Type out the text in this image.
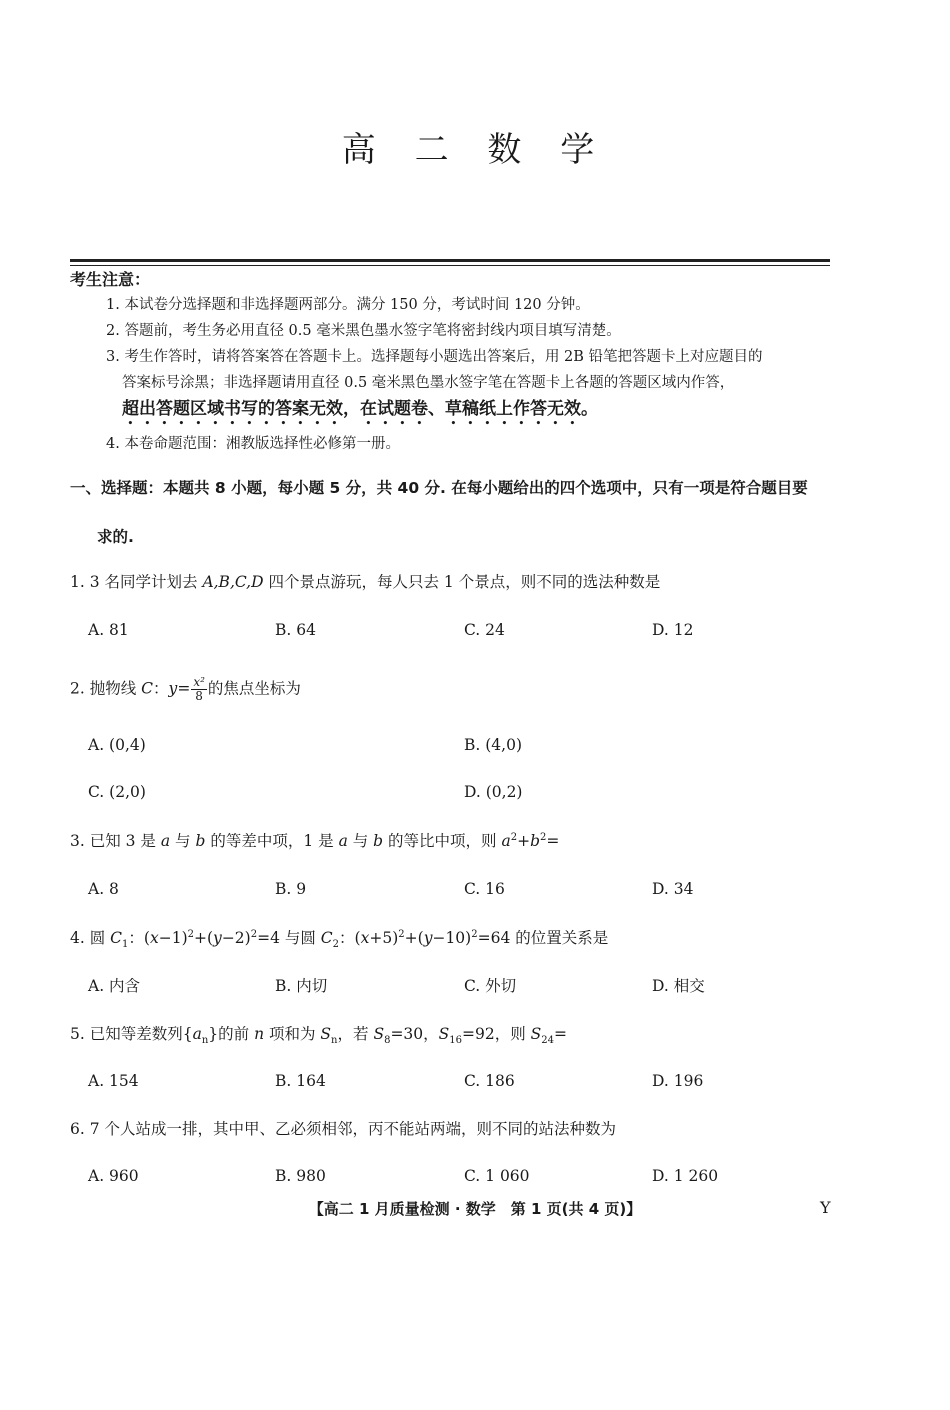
高 二 数 学
考生注意：
1. 本试卷分选择题和非选择题两部分。满分 150 分，考试时间 120 分钟。
2. 答题前，考生务必用直径 0.5 毫米黑色墨水签字笔将密封线内项目填写清楚。
3. 考生作答时，请将答案答在答题卡上。选择题每小题选出答案后，用 2B 铅笔把答题卡上对应题目的
答案标号涂黑；非选择题请用直径 0.5 毫米黑色墨水签字笔在答题卡上各题的答题区域内作答，
超出答题区域书写的答案无效，在试题卷、草稿纸上作答无效。
4. 本卷命题范围：湘教版选择性必修第一册。
一、选择题：本题共 8 小题，每小题 5 分，共 40 分. 在每小题给出的四个选项中，只有一项是符合题目要
求的.
1. 3 名同学计划去 A,B,C,D 四个景点游玩，每人只去 1 个景点，则不同的选法种数是
A. 81	B. 64	C. 24	D. 12
2. 抛物线 C：$y= \frac{\text{x²}}{8}$ 的焦点坐标为
A. (0,4)	B. (4,0)
C. (2,0)	D. (0,2)
3. 已知 3 是 a 与 b 的等差中项，1 是 a 与 b 的等比中项，则 $a^2+b^2=$
A. 8	B. 9	C. 16	D. 34
4. 圆 $C_1$：$(x-1)^2+(y-2)^2=4$ 与圆 $C_2$：$(x+5)^2+(y-10)^2=64$ 的位置关系是
A. 内含	B. 内切	C. 外切	D. 相交
5. 已知等差数列$\{a_n\}$的前 n 项和为 $S_n$，若 $S_8=30$，$S_{16}=92$，则 $S_{24}=$
A. 154	B. 164	C. 186	D. 196
6. 7 个人站成一排，其中甲、乙必须相邻，丙不能站两端，则不同的站法种数为
A. 960	B. 980	C. 1 060	D. 1 260
【高二 1 月质量检测 · 数学　第 1 页(共 4 页)】	Y
